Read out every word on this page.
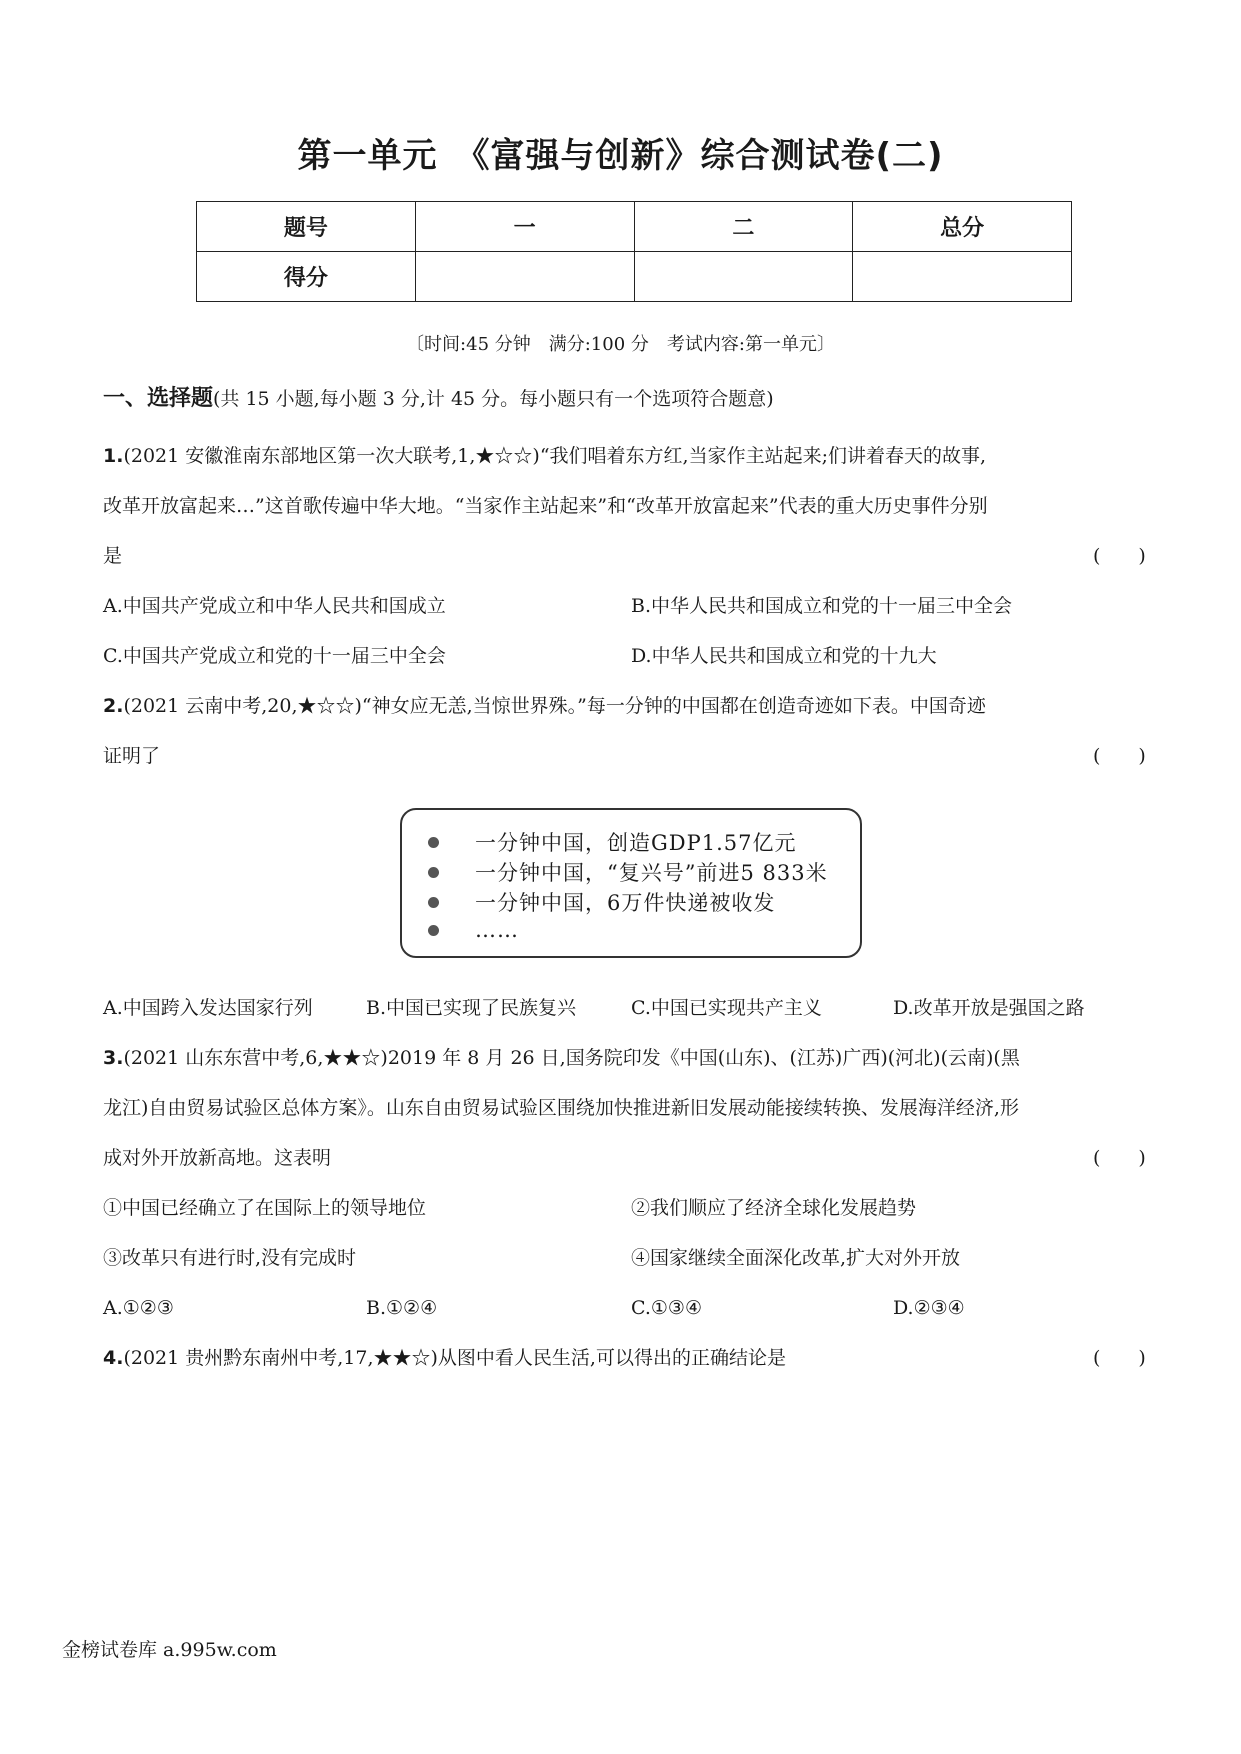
第一单元　《富强与创新》综合测试卷(二)
题号	一	二	总分
得分			
〔时间:45 分钟　满分:100 分　考试内容:第一单元〕
一、选择题(共 15 小题,每小题 3 分,计 45 分。每小题只有一个选项符合题意)
1.(2021 安徽淮南东部地区第一次大联考,1,★☆☆)“我们唱着东方红,当家作主站起来;们讲着春天的故事,
改革开放富起来…”这首歌传遍中华大地。“当家作主站起来”和“改革开放富起来”代表的重大历史事件分别
是	(　　)
A.中国共产党成立和中华人民共和国成立	B.中华人民共和国成立和党的十一届三中全会
C.中国共产党成立和党的十一届三中全会	D.中华人民共和国成立和党的十九大
2.(2021 云南中考,20,★☆☆)“神女应无恙,当惊世界殊。”每一分钟的中国都在创造奇迹如下表。中国奇迹
证明了	(　　)
一分钟中国，创造GDP1.57亿元
一分钟中国，“复兴号”前进5 833米
一分钟中国，6万件快递被收发
……
A.中国跨入发达国家行列	B.中国已实现了民族复兴	C.中国已实现共产主义	D.改革开放是强国之路
3.(2021 山东东营中考,6,★★☆)2019 年 8 月 26 日,国务院印发《中国(山东)、(江苏)广西)(河北)(云南)(黑
龙江)自由贸易试验区总体方案》。山东自由贸易试验区围绕加快推进新旧发展动能接续转换、发展海洋经济,形
成对外开放新高地。这表明	(　　)
①中国已经确立了在国际上的领导地位	②我们顺应了经济全球化发展趋势
③改革只有进行时,没有完成时	④国家继续全面深化改革,扩大对外开放
A.①②③	B.①②④	C.①③④	D.②③④
4.(2021 贵州黔东南州中考,17,★★☆)从图中看人民生活,可以得出的正确结论是	(　　)
金榜试卷库 a.995w.com
